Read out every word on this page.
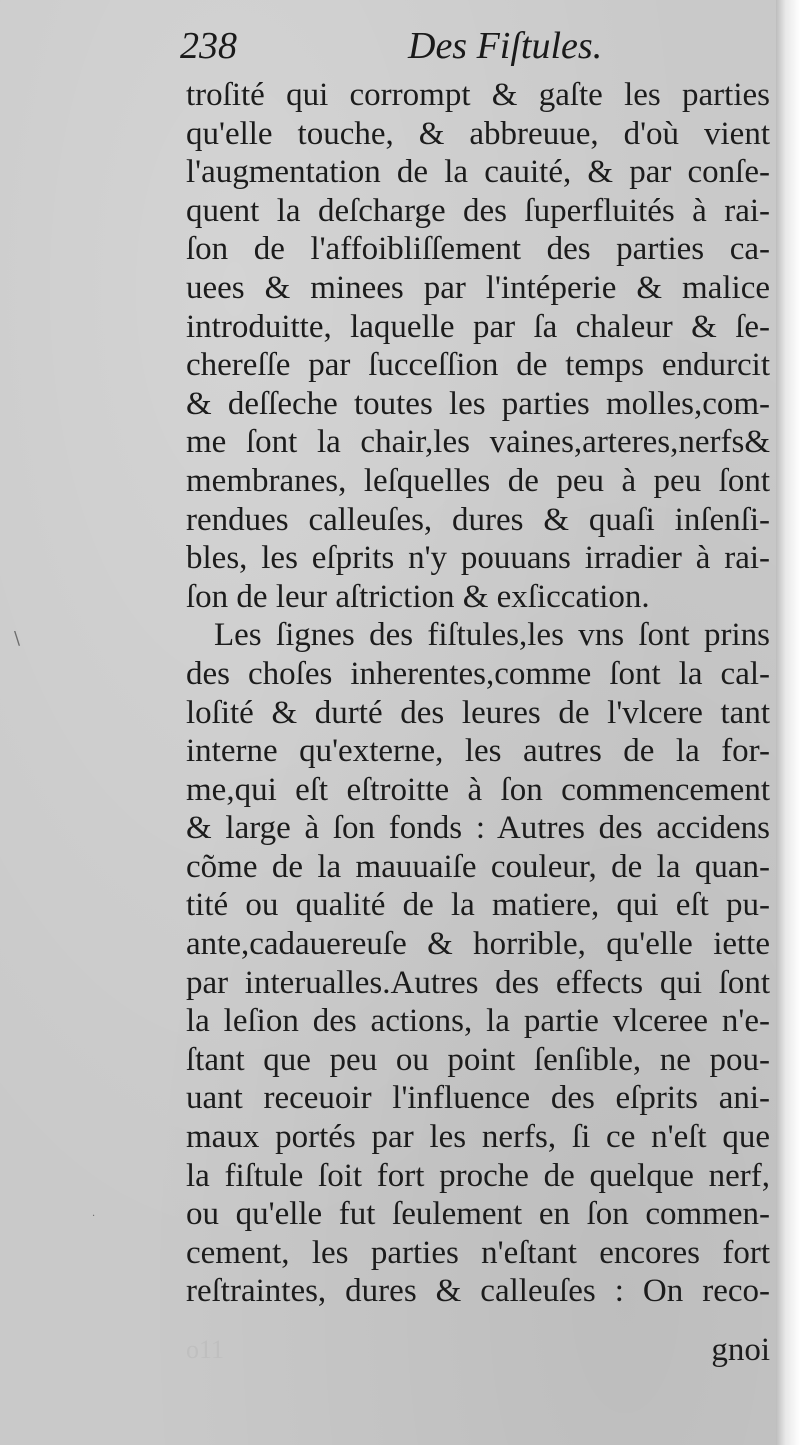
\
·
238	Des Fiſtules.
troſité qui corrompt & gaſte les parties
qu'elle touche, & abbreuue, d'où vient
l'augmentation de la cauité, & par conſe-
quent la deſcharge des ſuperfluités à rai-
ſon de l'affoibliſſement des parties ca-
uees & minees par l'intéperie & malice
introduitte, laquelle par ſa chaleur & ſe-
chereſſe par ſucceſſion de temps endurcit
& deſſeche toutes les parties molles,com-
me ſont la chair,les vaines,arteres,nerfs&
membranes, leſquelles de peu à peu ſont
rendues calleuſes, dures & quaſi inſenſi-
bles, les eſprits n'y pouuans irradier à rai-
ſon de leur aſtriction & exſiccation.
Les ſignes des fiſtules,les vns ſont prins
des choſes inherentes,comme ſont la cal-
loſité & durté des leures de l'vlcere tant
interne qu'externe, les autres de la for-
me,qui eſt eſtroitte à ſon commencement
& large à ſon fonds : Autres des accidens
cõme de la mauuaiſe couleur, de la quan-
tité ou qualité de la matiere, qui eſt pu-
ante,cadauereuſe & horrible, qu'elle iette
par interualles.Autres des effects qui ſont
la leſion des actions, la partie vlceree n'e-
ſtant que peu ou point ſenſible, ne pou-
uant receuoir l'influence des eſprits ani-
maux portés par les nerfs, ſi ce n'eſt que
la fiſtule ſoit fort proche de quelque nerf,
ou qu'elle fut ſeulement en ſon commen-
cement, les parties n'eſtant encores fort
reſtraintes, dures & calleuſes : On reco-
o11	gnoi
